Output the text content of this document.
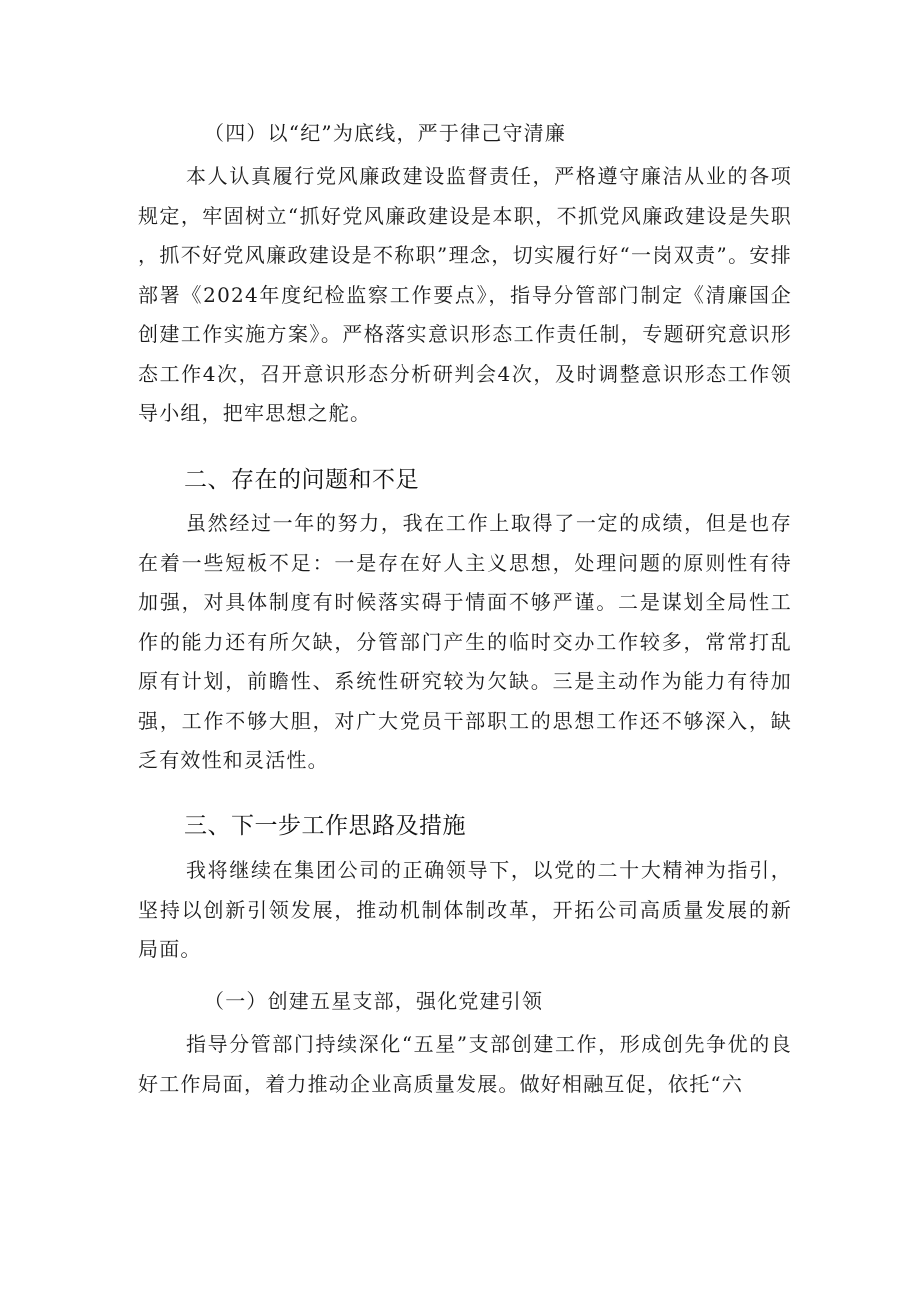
（四）以“纪”为底线，严于律己守清廉

本人认真履行党风廉政建设监督责任，严格遵守廉洁从业的各项规定，牢固树立“抓好党风廉政建设是本职，不抓党风廉政建设是失职，抓不好党风廉政建设是不称职”理念，切实履行好“一岗双责”。安排部署《2024年度纪检监察工作要点》，指导分管部门制定《清廉国企创建工作实施方案》。严格落实意识形态工作责任制，专题研究意识形态工作4次，召开意识形态分析研判会4次，及时调整意识形态工作领导小组，把牢思想之舵。

二、存在的问题和不足

虽然经过一年的努力，我在工作上取得了一定的成绩，但是也存在着一些短板不足：一是存在好人主义思想，处理问题的原则性有待加强，对具体制度有时候落实碍于情面不够严谨。二是谋划全局性工作的能力还有所欠缺，分管部门产生的临时交办工作较多，常常打乱原有计划，前瞻性、系统性研究较为欠缺。三是主动作为能力有待加强，工作不够大胆，对广大党员干部职工的思想工作还不够深入，缺乏有效性和灵活性。

三、下一步工作思路及措施

我将继续在集团公司的正确领导下，以党的二十大精神为指引，坚持以创新引领发展，推动机制体制改革，开拓公司高质量发展的新局面。

（一）创建五星支部，强化党建引领

指导分管部门持续深化“五星”支部创建工作，形成创先争优的良好工作局面，着力推动企业高质量发展。做好相融互促，依托“六
